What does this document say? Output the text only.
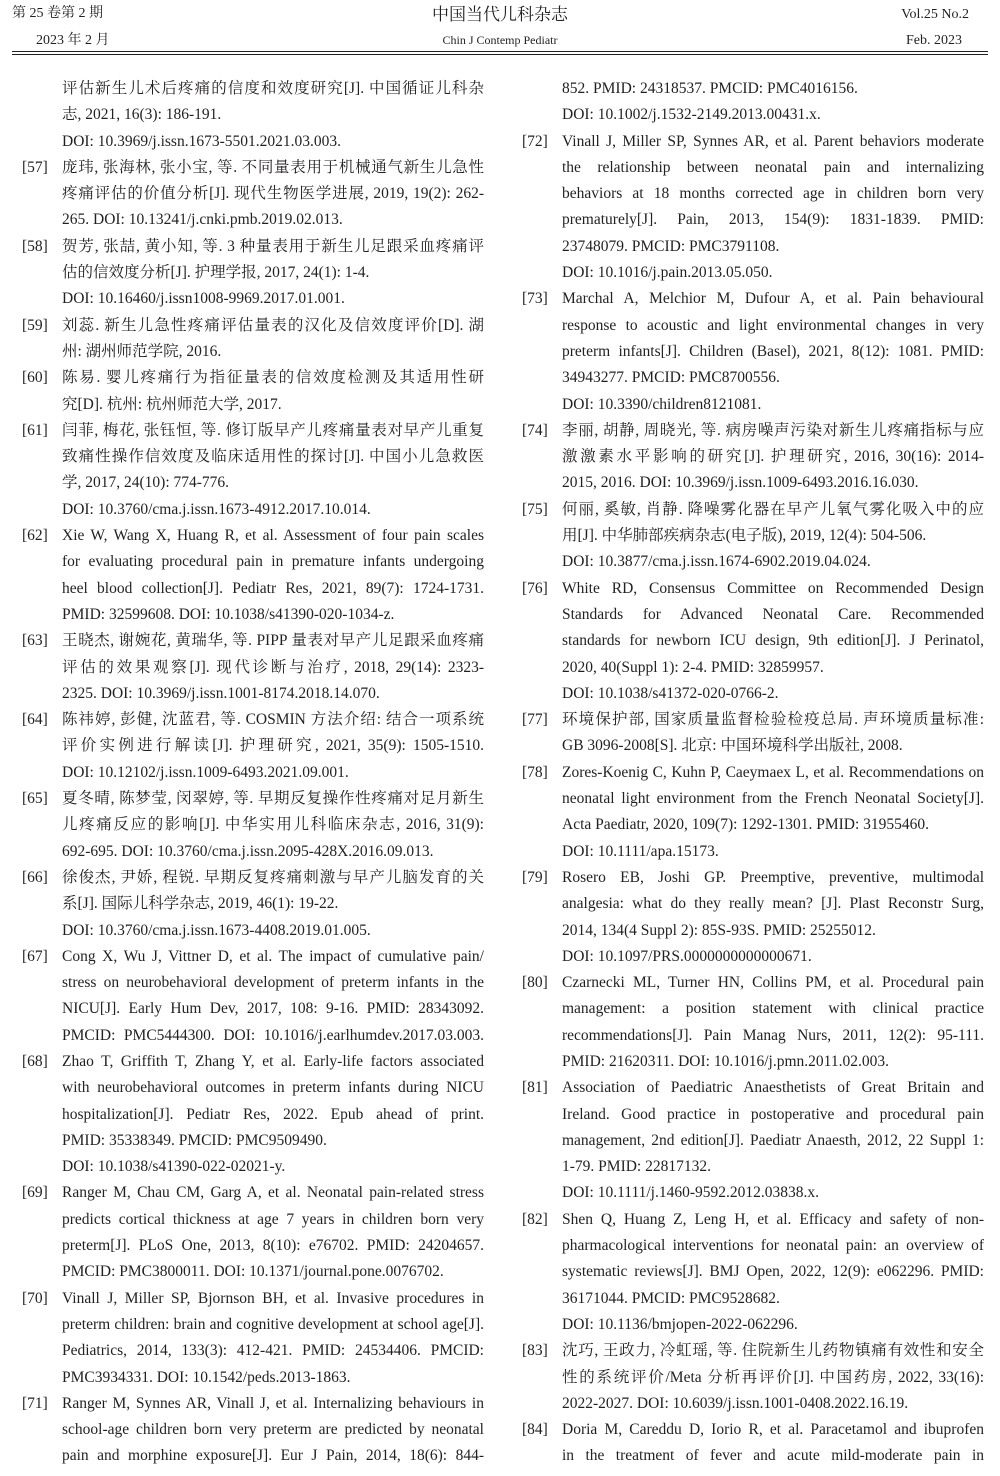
第 25 卷第 2 期
2023 年 2 月
中国当代儿科杂志
Chin J Contemp Pediatr
Vol.25 No.2
Feb. 2023
评估新生儿术后疼痛的信度和效度研究[J]. 中国循证儿科杂
志, 2021, 16(3): 186-191.
DOI: 10.3969/j.issn.1673-5501.2021.03.003.
[57] 庞玮, 张海林, 张小宝, 等. 不同量表用于机械通气新生儿急性
疼痛评估的价值分析[J]. 现代生物医学进展, 2019, 19(2): 262-
265. DOI: 10.13241/j.cnki.pmb.2019.02.013.
[58] 贺芳, 张喆, 黄小知, 等. 3 种量表用于新生儿足跟采血疼痛评
估的信效度分析[J]. 护理学报, 2017, 24(1): 1-4.
DOI: 10.16460/j.issn1008-9969.2017.01.001.
[59] 刘蕊. 新生儿急性疼痛评估量表的汉化及信效度评价[D]. 湖
州: 湖州师范学院, 2016.
[60] 陈易. 婴儿疼痛行为指征量表的信效度检测及其适用性研
究[D]. 杭州: 杭州师范大学, 2017.
[61] 闫菲, 梅花, 张钰恒, 等. 修订版早产儿疼痛量表对早产儿重复
致痛性操作信效度及临床适用性的探讨[J]. 中国小儿急救医
学, 2017, 24(10): 774-776.
DOI: 10.3760/cma.j.issn.1673-4912.2017.10.014.
[62] Xie W, Wang X, Huang R, et al. Assessment of four pain scales
for evaluating procedural pain in premature infants undergoing
heel blood collection[J]. Pediatr Res, 2021, 89(7): 1724-1731.
PMID: 32599608. DOI: 10.1038/s41390-020-1034-z.
[63] 王晓杰, 谢婉花, 黄瑞华, 等. PIPP 量表对早产儿足跟采血疼痛
评估的效果观察[J]. 现代诊断与治疗, 2018, 29(14): 2323-
2325. DOI: 10.3969/j.issn.1001-8174.2018.14.070.
[64] 陈祎婷, 彭健, 沈蓝君, 等. COSMIN 方法介绍: 结合一项系统
评价实例进行解读[J]. 护理研究, 2021, 35(9): 1505-1510.
DOI: 10.12102/j.issn.1009-6493.2021.09.001.
[65] 夏冬晴, 陈梦莹, 闵翠婷, 等. 早期反复操作性疼痛对足月新生
儿疼痛反应的影响[J]. 中华实用儿科临床杂志, 2016, 31(9):
692-695. DOI: 10.3760/cma.j.issn.2095-428X.2016.09.013.
[66] 徐俊杰, 尹娇, 程锐. 早期反复疼痛刺激与早产儿脑发育的关
系[J]. 国际儿科学杂志, 2019, 46(1): 19-22.
DOI: 10.3760/cma.j.issn.1673-4408.2019.01.005.
[67] Cong X, Wu J, Vittner D, et al. The impact of cumulative pain/
stress on neurobehavioral development of preterm infants in the
NICU[J]. Early Hum Dev, 2017, 108: 9-16. PMID: 28343092.
PMCID: PMC5444300. DOI: 10.1016/j.earlhumdev.2017.03.003.
[68] Zhao T, Griffith T, Zhang Y, et al. Early-life factors associated
with neurobehavioral outcomes in preterm infants during NICU
hospitalization[J]. Pediatr Res, 2022. Epub ahead of print.
PMID: 35338349. PMCID: PMC9509490.
DOI: 10.1038/s41390-022-02021-y.
[69] Ranger M, Chau CM, Garg A, et al. Neonatal pain-related stress
predicts cortical thickness at age 7 years in children born very
preterm[J]. PLoS One, 2013, 8(10): e76702. PMID: 24204657.
PMCID: PMC3800011. DOI: 10.1371/journal.pone.0076702.
[70] Vinall J, Miller SP, Bjornson BH, et al. Invasive procedures in
preterm children: brain and cognitive development at school age[J].
Pediatrics, 2014, 133(3): 412-421. PMID: 24534406. PMCID:
PMC3934331. DOI: 10.1542/peds.2013-1863.
[71] Ranger M, Synnes AR, Vinall J, et al. Internalizing behaviours in
school-age children born very preterm are predicted by neonatal
pain and morphine exposure[J]. Eur J Pain, 2014, 18(6): 844-
852. PMID: 24318537. PMCID: PMC4016156.
DOI: 10.1002/j.1532-2149.2013.00431.x.
[72] Vinall J, Miller SP, Synnes AR, et al. Parent behaviors moderate
the relationship between neonatal pain and internalizing
behaviors at 18 months corrected age in children born very
prematurely[J]. Pain, 2013, 154(9): 1831-1839. PMID:
23748079. PMCID: PMC3791108.
DOI: 10.1016/j.pain.2013.05.050.
[73] Marchal A, Melchior M, Dufour A, et al. Pain behavioural
response to acoustic and light environmental changes in very
preterm infants[J]. Children (Basel), 2021, 8(12): 1081. PMID:
34943277. PMCID: PMC8700556.
DOI: 10.3390/children8121081.
[74] 李丽, 胡静, 周晓光, 等. 病房噪声污染对新生儿疼痛指标与应
激激素水平影响的研究[J]. 护理研究, 2016, 30(16): 2014-
2015, 2016. DOI: 10.3969/j.issn.1009-6493.2016.16.030.
[75] 何丽, 奚敏, 肖静. 降噪雾化器在早产儿氧气雾化吸入中的应
用[J]. 中华肺部疾病杂志(电子版), 2019, 12(4): 504-506.
DOI: 10.3877/cma.j.issn.1674-6902.2019.04.024.
[76] White RD, Consensus Committee on Recommended Design
Standards for Advanced Neonatal Care. Recommended
standards for newborn ICU design, 9th edition[J]. J Perinatol,
2020, 40(Suppl 1): 2-4. PMID: 32859957.
DOI: 10.1038/s41372-020-0766-2.
[77] 环境保护部, 国家质量监督检验检疫总局. 声环境质量标准:
GB 3096-2008[S]. 北京: 中国环境科学出版社, 2008.
[78] Zores-Koenig C, Kuhn P, Caeymaex L, et al. Recommendations on
neonatal light environment from the French Neonatal Society[J].
Acta Paediatr, 2020, 109(7): 1292-1301. PMID: 31955460.
DOI: 10.1111/apa.15173.
[79] Rosero EB, Joshi GP. Preemptive, preventive, multimodal
analgesia: what do they really mean? [J]. Plast Reconstr Surg,
2014, 134(4 Suppl 2): 85S-93S. PMID: 25255012.
DOI: 10.1097/PRS.0000000000000671.
[80] Czarnecki ML, Turner HN, Collins PM, et al. Procedural pain
management: a position statement with clinical practice
recommendations[J]. Pain Manag Nurs, 2011, 12(2): 95-111.
PMID: 21620311. DOI: 10.1016/j.pmn.2011.02.003.
[81] Association of Paediatric Anaesthetists of Great Britain and
Ireland. Good practice in postoperative and procedural pain
management, 2nd edition[J]. Paediatr Anaesth, 2012, 22 Suppl 1:
1-79. PMID: 22817132.
DOI: 10.1111/j.1460-9592.2012.03838.x.
[82] Shen Q, Huang Z, Leng H, et al. Efficacy and safety of non-
pharmacological interventions for neonatal pain: an overview of
systematic reviews[J]. BMJ Open, 2022, 12(9): e062296. PMID:
36171044. PMCID: PMC9528682.
DOI: 10.1136/bmjopen-2022-062296.
[83] 沈巧, 王政力, 冷虹瑶, 等. 住院新生儿药物镇痛有效性和安全
性的系统评价/Meta 分析再评价[J]. 中国药房, 2022, 33(16):
2022-2027. DOI: 10.6039/j.issn.1001-0408.2022.16.19.
[84] Doria M, Careddu D, Iorio R, et al. Paracetamol and ibuprofen
in the treatment of fever and acute mild-moderate pain in
